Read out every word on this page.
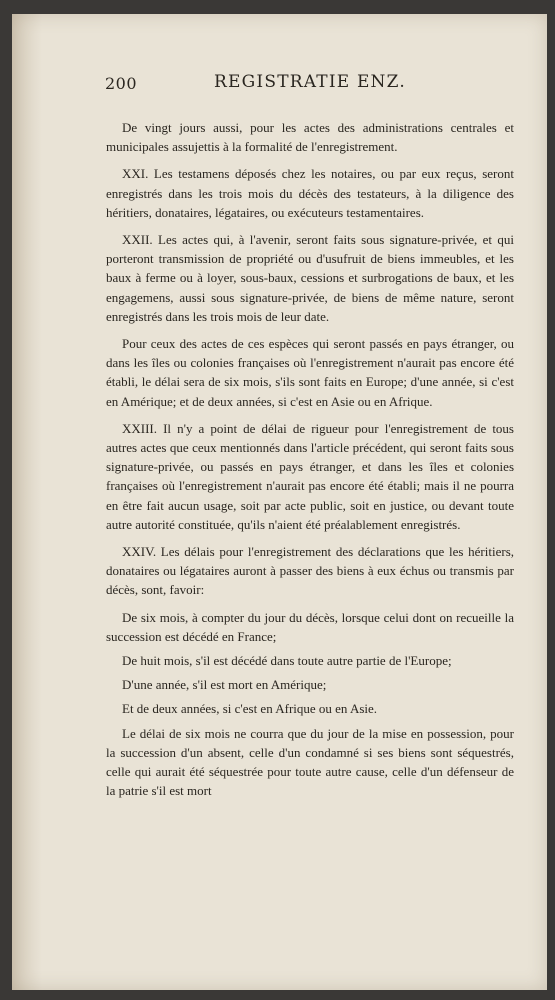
200	REGISTRATIE ENZ.

De vingt jours aussi, pour les actes des administrations centrales et municipales assujettis à la formalité de l'enregistrement.

XXI. Les testamens déposés chez les notaires, ou par eux reçus, seront enregistrés dans les trois mois du décès des testateurs, à la diligence des héritiers, donataires, légataires, ou exécuteurs testamentaires.

XXII. Les actes qui, à l'avenir, seront faits sous signature-privée, et qui porteront transmission de propriété ou d'usufruit de biens immeubles, et les baux à ferme ou à loyer, sous-baux, cessions et surbrogations de baux, et les engagemens, aussi sous signature-privée, de biens de même nature, seront enregistrés dans les trois mois de leur date.

Pour ceux des actes de ces espèces qui seront passés en pays étranger, ou dans les îles ou colonies françaises où l'enregistrement n'aurait pas encore été établi, le délai sera de six mois, s'ils sont faits en Europe; d'une année, si c'est en Amérique; et de deux années, si c'est en Asie ou en Afrique.

XXIII. Il n'y a point de délai de rigueur pour l'enregistrement de tous autres actes que ceux mentionnés dans l'article précédent, qui seront faits sous signature-privée, ou passés en pays étranger, et dans les îles et colonies françaises où l'enregistrement n'aurait pas encore été établi; mais il ne pourra en être fait aucun usage, soit par acte public, soit en justice, ou devant toute autre autorité constituée, qu'ils n'aient été préalablement enregistrés.

XXIV. Les délais pour l'enregistrement des déclarations que les héritiers, donataires ou légataires auront à passer des biens à eux échus ou transmis par décès, sont, favoir:

De six mois, à compter du jour du décès, lorsque celui dont on recueille la succession est décédé en France;

De huit mois, s'il est décédé dans toute autre partie de l'Europe;

D'une année, s'il est mort en Amérique;

Et de deux années, si c'est en Afrique ou en Asie.

Le délai de six mois ne courra que du jour de la mise en possession, pour la succession d'un absent, celle d'un condamné si ses biens sont séquestrés, celle qui aurait été séquestrée pour toute autre cause, celle d'un défenseur de la patrie s'il est mort
